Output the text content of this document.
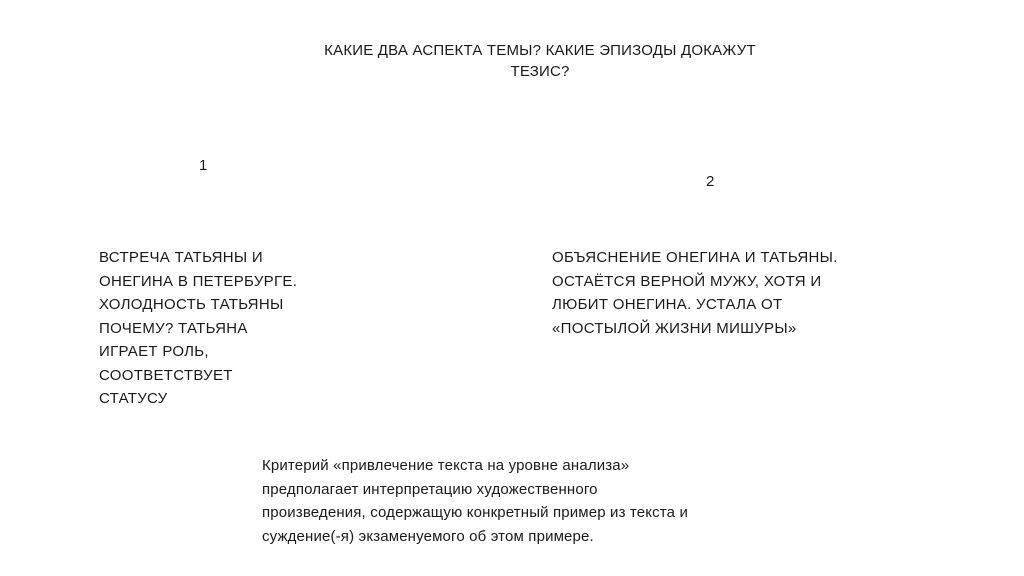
КАКИЕ ДВА АСПЕКТА ТЕМЫ? КАКИЕ ЭПИЗОДЫ ДОКАЖУТ
ТЕЗИС?
1
2
ВСТРЕЧА ТАТЬЯНЫ И
ОНЕГИНА В ПЕТЕРБУРГЕ.
ХОЛОДНОСТЬ ТАТЬЯНЫ
ПОЧЕМУ? ТАТЬЯНА
ИГРАЕТ РОЛЬ,
СООТВЕТСТВУЕТ
СТАТУСУ
ОБЪЯСНЕНИЕ ОНЕГИНА И ТАТЬЯНЫ.
ОСТАЁТСЯ ВЕРНОЙ МУЖУ, ХОТЯ И
ЛЮБИТ ОНЕГИНА. УСТАЛА ОТ
«ПОСТЫЛОЙ ЖИЗНИ МИШУРЫ»
Критерий «привлечение текста на уровне анализа»
предполагает интерпретацию художественного
произведения, содержащую конкретный пример из текста и
суждение(-я) экзаменуемого об этом примере.
